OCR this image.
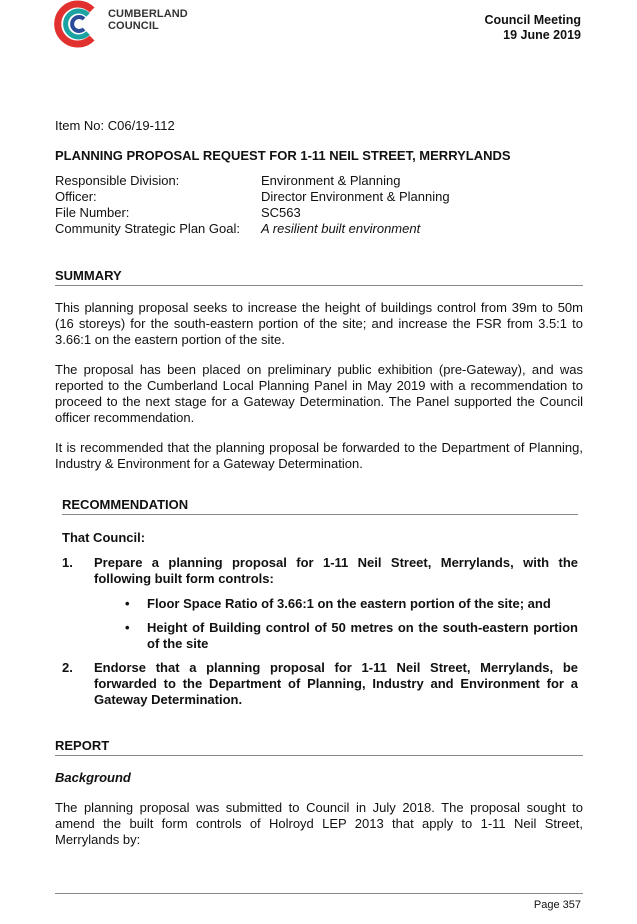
CUMBERLAND
COUNCIL	Council Meeting
19 June 2019
Item No: C06/19-112
PLANNING PROPOSAL REQUEST FOR 1-11 NEIL STREET, MERRYLANDS
Responsible Division:	Environment & Planning
Officer:	Director Environment & Planning
File Number:	SC563
Community Strategic Plan Goal:	A resilient built environment
SUMMARY
This planning proposal seeks to increase the height of buildings control from 39m to 50m (16 storeys) for the south-eastern portion of the site; and increase the FSR from 3.5:1 to 3.66:1 on the eastern portion of the site.
The proposal has been placed on preliminary public exhibition (pre-Gateway), and was reported to the Cumberland Local Planning Panel in May 2019 with a recommendation to proceed to the next stage for a Gateway Determination. The Panel supported the Council officer recommendation.
It is recommended that the planning proposal be forwarded to the Department of Planning, Industry & Environment for a Gateway Determination.
RECOMMENDATION
That Council:
1. Prepare a planning proposal for 1-11 Neil Street, Merrylands, with the following built form controls:
• Floor Space Ratio of 3.66:1 on the eastern portion of the site; and
• Height of Building control of 50 metres on the south-eastern portion of the site
2. Endorse that a planning proposal for 1-11 Neil Street, Merrylands, be forwarded to the Department of Planning, Industry and Environment for a Gateway Determination.
REPORT
Background
The planning proposal was submitted to Council in July 2018. The proposal sought to amend the built form controls of Holroyd LEP 2013 that apply to 1-11 Neil Street, Merrylands by:
Page 357
